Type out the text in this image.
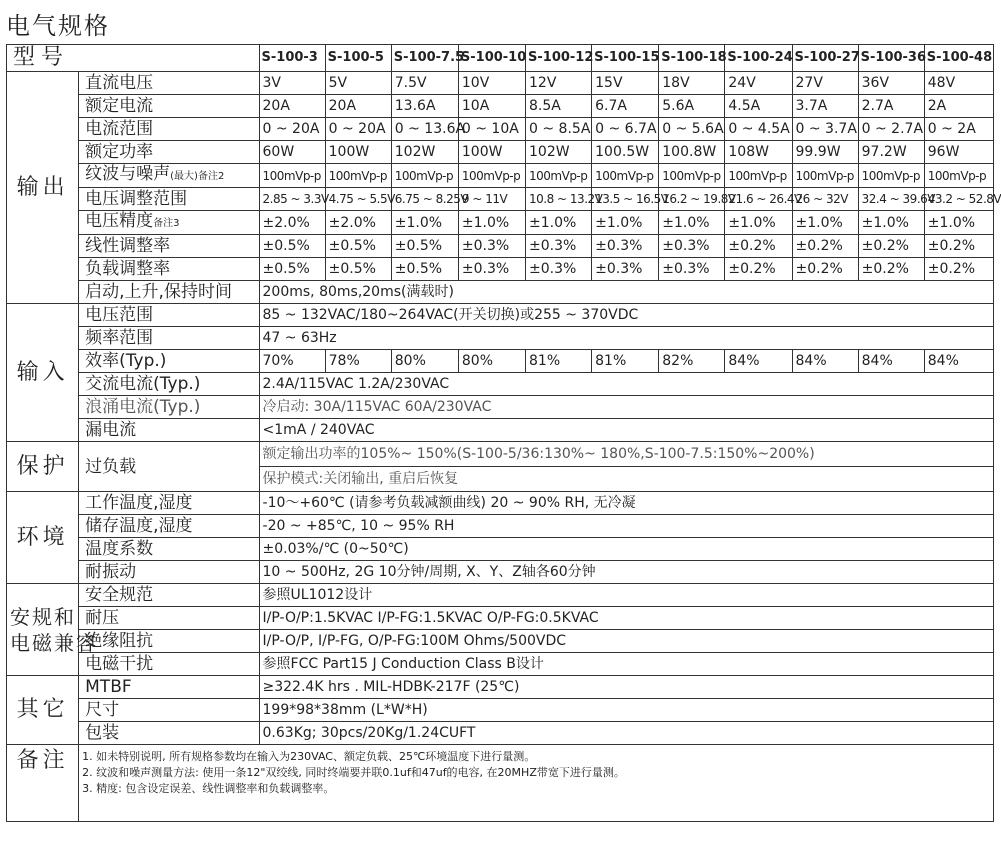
电气规格
型号		S-100-3	S-100-5	S-100-7.5	S-100-10	S-100-12	S-100-15	S-100-18	S-100-24	S-100-27	S-100-36	S-100-48
输出	直流电压	3V	5V	7.5V	10V	12V	15V	18V	24V	27V	36V	48V
	额定电流	20A	20A	13.6A	10A	8.5A	6.7A	5.6A	4.5A	3.7A	2.7A	2A
	电流范围	0 ~ 20A	0 ~ 20A	0 ~ 13.6A	0 ~ 10A	0 ~ 8.5A	0 ~ 6.7A	0 ~ 5.6A	0 ~ 4.5A	0 ~ 3.7A	0 ~ 2.7A	0 ~ 2A
	额定功率	60W	100W	102W	100W	102W	100.5W	100.8W	108W	99.9W	97.2W	96W
	纹波与噪声(最大)备注2	100mVp-p	100mVp-p	100mVp-p	100mVp-p	100mVp-p	100mVp-p	100mVp-p	100mVp-p	100mVp-p	100mVp-p	100mVp-p
	电压调整范围	2.85 ~ 3.3V	4.75 ~ 5.5V	6.75 ~ 8.25V	9 ~ 11V	10.8 ~ 13.2V	13.5 ~ 16.5V	16.2 ~ 19.8V	21.6 ~ 26.4V	26 ~ 32V	32.4 ~ 39.6V	43.2 ~ 52.8V
	电压精度备注3	±2.0%	±2.0%	±1.0%	±1.0%	±1.0%	±1.0%	±1.0%	±1.0%	±1.0%	±1.0%	±1.0%
	线性调整率	±0.5%	±0.5%	±0.5%	±0.3%	±0.3%	±0.3%	±0.3%	±0.2%	±0.2%	±0.2%	±0.2%
	负载调整率	±0.5%	±0.5%	±0.5%	±0.3%	±0.3%	±0.3%	±0.3%	±0.2%	±0.2%	±0.2%	±0.2%
	启动,上升,保持时间	200ms, 80ms,20ms(满载时)										
输入	电压范围	85 ~ 132VAC/180~264VAC(开关切换)或255 ~ 370VDC										
	频率范围	47 ~ 63Hz										
	效率(Typ.)	70%	78%	80%	80%	81%	81%	82%	84%	84%	84%	84%
	交流电流(Typ.)	2.4A/115VAC 1.2A/230VAC										
	浪涌电流(Typ.)	冷启动: 30A/115VAC 60A/230VAC										
	漏电流	<1mA / 240VAC										
保护	过负载	额定输出功率的105%~ 150%(S-100-5/36:130%~ 180%,S-100-7.5:150%~200%)										
		保护模式:关闭输出, 重启后恢复										
环境	工作温度,湿度	-10～+60℃ (请参考负载减额曲线) 20 ~ 90% RH, 无冷凝										
	储存温度,湿度	-20 ~ +85℃, 10 ~ 95% RH										
	温度系数	±0.03%/℃ (0~50℃)										
	耐振动	10 ~ 500Hz, 2G 10分钟/周期, X、Y、Z轴各60分钟										

安规和
电磁兼容	安全规范	参照UL1012设计										
	耐压	I/P-O/P:1.5KVAC I/P-FG:1.5KVAC O/P-FG:0.5KVAC										
	绝缘阻抗	I/P-O/P, I/P-FG, O/P-FG:100M Ohms/500VDC										
	电磁干扰	参照FCC Part15 J Conduction Class B设计										
其它	MTBF	≥322.4K hrs . MIL-HDBK-217F (25℃)										
	尺寸	199*98*38mm (L*W*H)										
	包装	0.63Kg; 30pcs/20Kg/1.24CUFT										
备注	1. 如未特别说明, 所有规格参数均在输入为230VAC、额定负载、25℃环境温度下进行量测。
2. 纹波和噪声测量方法: 使用一条12"双绞线, 同时终端要并联0.1uf和47uf的电容, 在20MHZ带宽下进行量测。
3. 精度: 包含设定误差、线性调整率和负载调整率。											
